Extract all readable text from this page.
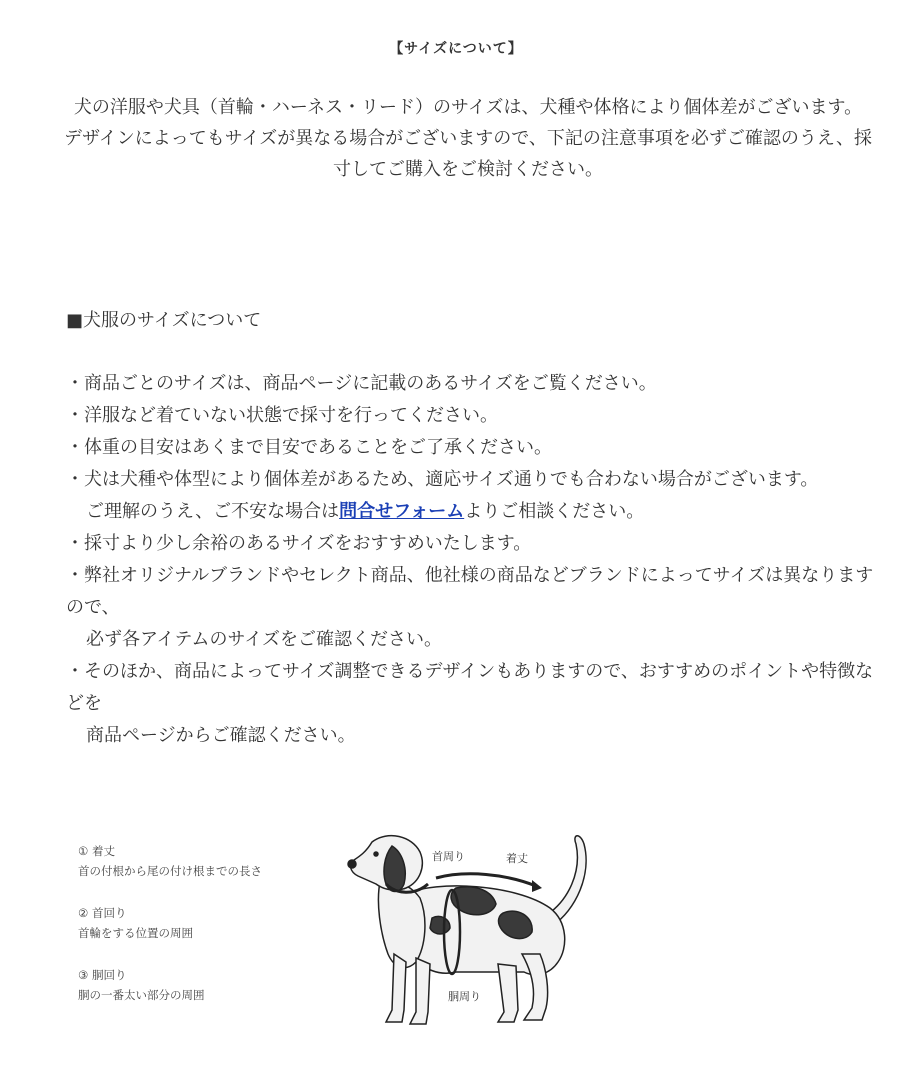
【サイズについて】
犬の洋服や犬具（首輪・ハーネス・リード）のサイズは、犬種や体格により個体差がございます。
デザインによってもサイズが異なる場合がございますので、下記の注意事項を必ずご確認のうえ、採寸してご購入をご検討ください。
■犬服のサイズについて

・商品ごとのサイズは、商品ページに記載のあるサイズをご覧ください。

・洋服など着ていない状態で採寸を行ってください。

・体重の目安はあくまで目安であることをご了承ください。

・犬は犬種や体型により個体差があるため、適応サイズ通りでも合わない場合がございます。

ご理解のうえ、ご不安な場合は問合せフォームよりご相談ください。

・採寸より少し余裕のあるサイズをおすすめいたします。

・弊社オリジナルブランドやセレクト商品、他社様の商品などブランドによってサイズは異なりますので、

必ず各アイテムのサイズをご確認ください。

・そのほか、商品によってサイズ調整できるデザインもありますので、おすすめのポイントや特徴などを

商品ページからご確認ください。

① 着丈
首の付根から尾の付け根までの長さ
② 首回り
首輪をする位置の周囲
③ 胴回り
胴の一番太い部分の周囲
首周り	着丈
胴周り
